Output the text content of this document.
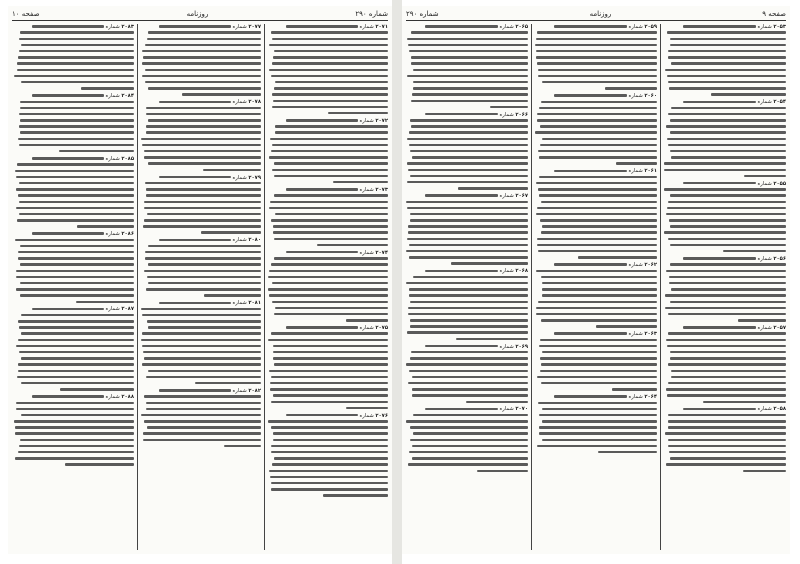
صفحه ۹
روزنامه
شماره ۲۹۰
۲۰۵۳ شماره
۲۰۵۴ شماره
۲۰۵۵ شماره
۲۰۵۶ شماره
۲۰۵۷ شماره
۲۰۵۸ شماره
۲۰۵۹ شماره
۲۰۶۰ شماره
۲۰۶۱ شماره
۲۰۶۲ شماره
۲۰۶۳ شماره
۲۰۶۴ شماره
۲۰۶۵ شماره
۲۰۶۶ شماره
۲۰۶۷ شماره
۲۰۶۸ شماره
۲۰۶۹ شماره
۲۰۷۰ شماره
شماره ۲۹۰
روزنامه
صفحه ۱۰
۲۰۷۱ شماره
۲۰۷۲ شماره
۲۰۷۳ شماره
۲۰۷۴ شماره
۲۰۷۵ شماره
۲۰۷۶ شماره
۲۰۷۷ شماره
۲۰۷۸ شماره
۲۰۷۹ شماره
۲۰۸۰ شماره
۲۰۸۱ شماره
۲۰۸۲ شماره
۲۰۸۳ شماره
۲۰۸۴ شماره
۲۰۸۵ شماره
۲۰۸۶ شماره
۲۰۸۷ شماره
۲۰۸۸ شماره
